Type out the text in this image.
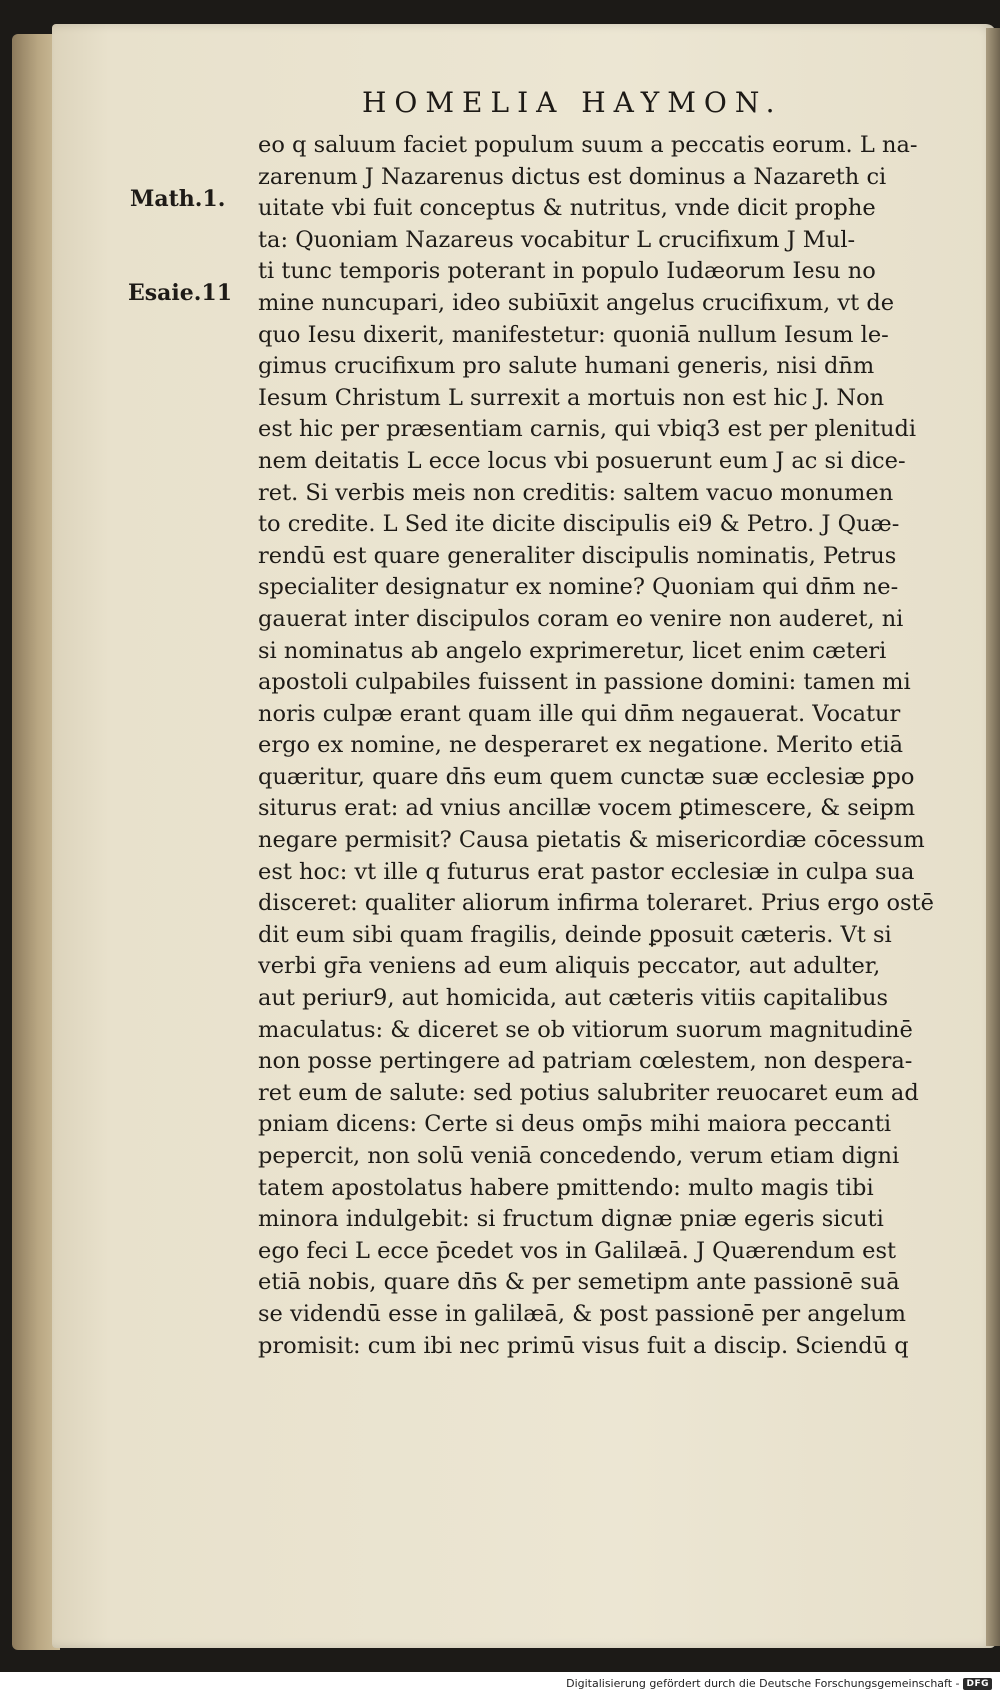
HOMELIA HAYMON.
Math.1.
Esaie.11
eo q saluum faciet populum suum a peccatis eorum. L na-
zarenum J Nazarenus dictus est dominus a Nazareth ci
uitate vbi fuit conceptus & nutritus, vnde dicit prophe
ta: Quoniam Nazareus vocabitur L crucifixum J Mul-
ti tunc temporis poterant in populo Iudæorum Iesu no
mine nuncupari, ideo subiūxit angelus crucifixum, vt de
quo Iesu dixerit, manifestetur: quoniā nullum Iesum le-
gimus crucifixum pro salute humani generis, nisi dn̄m
Iesum Christum L surrexit a mortuis non est hic J. Non
est hic per præsentiam carnis, qui vbiq3 est per plenitudi
nem deitatis L ecce locus vbi posuerunt eum J ac si dice-
ret. Si verbis meis non creditis: saltem vacuo monumen
to credite. L Sed ite dicite discipulis ei9 & Petro. J Quæ-
rendū est quare generaliter discipulis nominatis, Petrus
specialiter designatur ex nomine? Quoniam qui dn̄m ne-
gauerat inter discipulos coram eo venire non auderet, ni
si nominatus ab angelo exprimeretur, licet enim cæteri
apostoli culpabiles fuissent in passione domini: tamen mi
noris culpæ erant quam ille qui dn̄m negauerat. Vocatur
ergo ex nomine, ne desperaret ex negatione. Merito etiā
quæritur, quare dn̄s eum quem cunctæ suæ ecclesiæ ꝑpo
siturus erat: ad vnius ancillæ vocem ꝑtimescere, & seipm
negare permisit? Causa pietatis & misericordiæ cōcessum
est hoc: vt ille q futurus erat pastor ecclesiæ in culpa sua
disceret: qualiter aliorum infirma toleraret. Prius ergo ostē
dit eum sibi quam fragilis, deinde ꝑposuit cæteris. Vt si
verbi gr̄a veniens ad eum aliquis peccator, aut adulter,
aut periur9, aut homicida, aut cæteris vitiis capitalibus
maculatus: & diceret se ob vitiorum suorum magnitudinē
non posse pertingere ad patriam cœlestem, non despera-
ret eum de salute: sed potius salubriter reuocaret eum ad
pniam dicens: Certe si deus omp̄s mihi maiora peccanti
pepercit, non solū veniā concedendo, verum etiam digni
tatem apostolatus habere pmittendo: multo magis tibi
minora indulgebit: si fructum dignæ pniæ egeris sicuti
ego feci L ecce p̄cedet vos in Galilæā. J Quærendum est
etiā nobis, quare dn̄s & per semetipm ante passionē suā
se videndū esse in galilæā, & post passionē per angelum
promisit: cum ibi nec primū visus fuit a discip. Sciendū q
Digitalisierung gefördert durch die Deutsche Forschungsgemeinschaft - DFG
